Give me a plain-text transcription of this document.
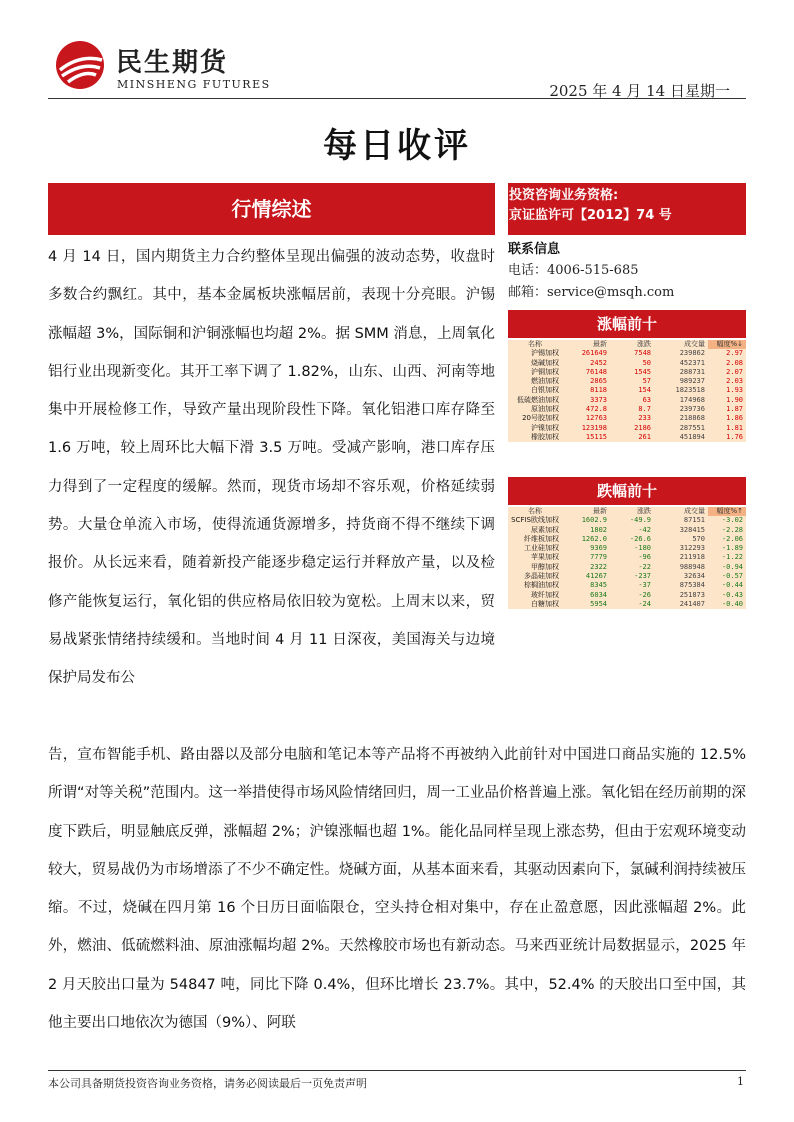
民生期货
MINSHENG FUTURES	2025 年 4 月 14 日星期一
每日收评
行情综述
投资咨询业务资格:
京证监许可【2012】74 号
联系信息
电话：4006-515-685
邮箱：service@msqh.com
涨幅前十
名称	最新	涨跌	成交量	幅度%↓
沪锡加权	261649	7548	239862	2.97
烧碱加权	2452	50	452371	2.08
沪铜加权	76148	1545	288731	2.07
燃油加权	2865	57	989237	2.03
白银加权	8118	154	1823518	1.93
低硫燃油加权	3373	63	174968	1.90
原油加权	472.8	8.7	239736	1.87
20号胶加权	12763	233	218868	1.86
沪镍加权	123198	2186	287551	1.81
橡胶加权	15115	261	451894	1.76
跌幅前十
名称	最新	涨跌	成交量	幅度%↑
SCFIS欧线加权	1602.9	-49.9	87151	-3.02
尿素加权	1802	-42	328415	-2.28
纤维板加权	1262.0	-26.6	570	-2.06
工业硅加权	9369	-180	312293	-1.89
苹果加权	7779	-96	211918	-1.22
甲醇加权	2322	-22	988948	-0.94
多晶硅加权	41267	-237	32634	-0.57
棕榈油加权	8345	-37	875384	-0.44
玻纤加权	6034	-26	251873	-0.43
白糖加权	5954	-24	241407	-0.40
4 月 14 日，国内期货主力合约整体呈现出偏强的波动态势，收盘时多数合约飘红。其中，基本金属板块涨幅居前，表现十分亮眼。沪锡涨幅超 3%，国际铜和沪铜涨幅也均超 2%。据 SMM 消息，上周氧化铝行业出现新变化。其开工率下调了 1.82%，山东、山西、河南等地集中开展检修工作，导致产量出现阶段性下降。氧化铝港口库存降至 1.6 万吨，较上周环比大幅下滑 3.5 万吨。受减产影响，港口库存压力得到了一定程度的缓解。然而，现货市场却不容乐观，价格延续弱势。大量仓单流入市场，使得流通货源增多，持货商不得不继续下调报价。从长远来看，随着新投产能逐步稳定运行并释放产量，以及检修产能恢复运行，氧化铝的供应格局依旧较为宽松。上周末以来，贸易战紧张情绪持续缓和。当地时间 4 月 11 日深夜，美国海关与边境保护局发布公
告，宣布智能手机、路由器以及部分电脑和笔记本等产品将不再被纳入此前针对中国进口商品实施的 12.5% 所谓“对等关税”范围内。这一举措使得市场风险情绪回归，周一工业品价格普遍上涨。氧化铝在经历前期的深度下跌后，明显触底反弹，涨幅超 2%；沪镍涨幅也超 1%。能化品同样呈现上涨态势，但由于宏观环境变动较大，贸易战仍为市场增添了不少不确定性。烧碱方面，从基本面来看，其驱动因素向下，氯碱利润持续被压缩。不过，烧碱在四月第 16 个日历日面临限仓，空头持仓相对集中，存在止盈意愿，因此涨幅超 2%。此外，燃油、低硫燃料油、原油涨幅均超 2%。天然橡胶市场也有新动态。马来西亚统计局数据显示，2025 年 2 月天胶出口量为 54847 吨，同比下降 0.4%，但环比增长 23.7%。其中，52.4% 的天胶出口至中国，其他主要出口地依次为德国（9%）、阿联
本公司具备期货投资咨询业务资格，请务必阅读最后一页免责声明	1
